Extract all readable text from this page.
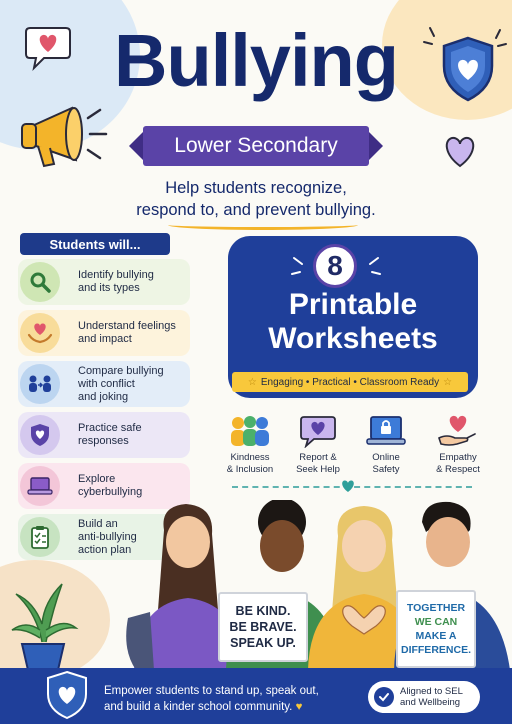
Bullying
Lower Secondary
Help students recognize,
respond to, and prevent bullying.
Students will...
Identify bullying
and its types
Understand feelings
and impact
Compare bullying
with conflict
and joking
Practice safe
responses
Explore
cyberbullying
Build an
anti-bullying
action plan
8
Printable
Worksheets
☆ Engaging • Practical • Classroom Ready ☆
Kindness
& Inclusion
Report &
Seek Help
Online
Safety
Empathy
& Respect
BE KIND.
BE BRAVE.
SPEAK UP.
TOGETHER
WE CAN
MAKE A
DIFFERENCE.
Empower students to stand up, speak out,
and build a kinder school community. ♥
Aligned to SEL
and Wellbeing
